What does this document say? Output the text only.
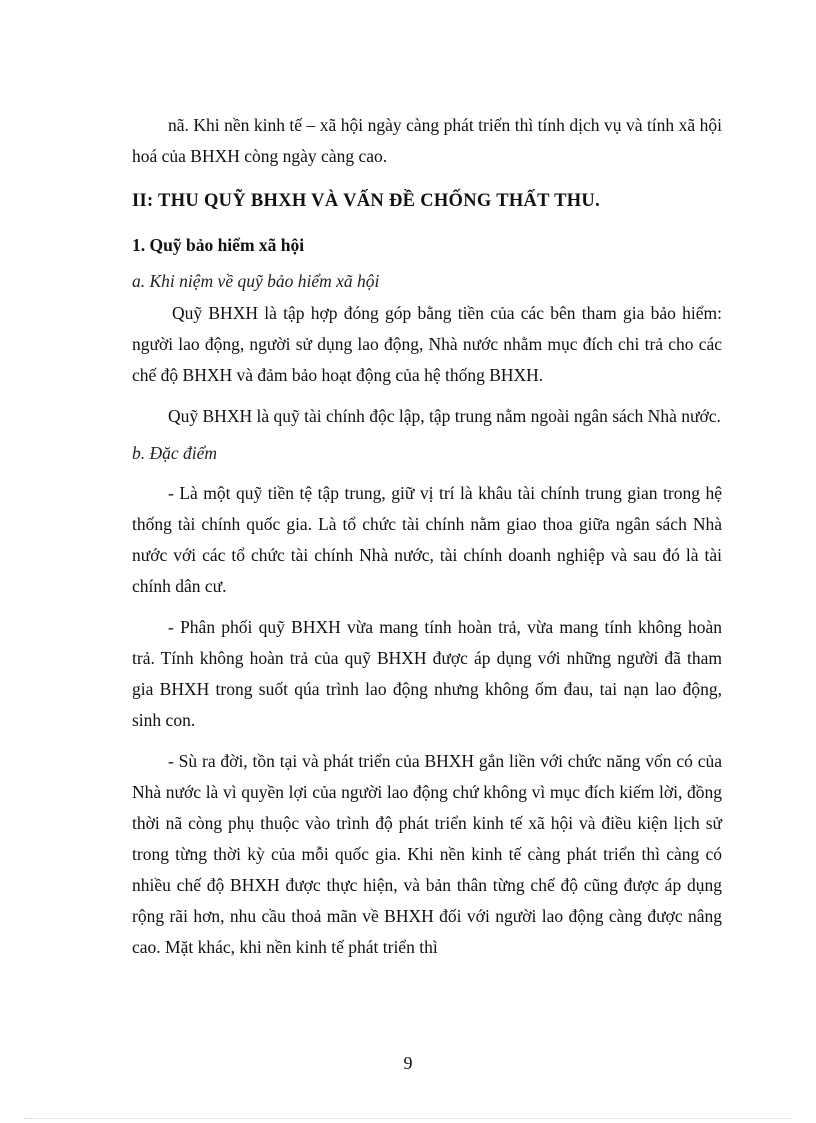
nã. Khi nền kinh tế – xã hội ngày càng phát triển thì tính dịch vụ và tính xã hội hoá của BHXH còng ngày càng cao.

II: THU QUỸ BHXH VÀ VẤN ĐỀ CHỐNG THẤT THU.
1. Quỹ bảo hiểm xã hội
a. Khi niệm về quỹ bảo hiểm xã hội

Quỹ BHXH là tập hợp đóng góp bằng tiền của các bên tham gia bảo hiểm: người lao động, người sử dụng lao động, Nhà nước nhằm mục đích chi trả cho các chế độ BHXH và đảm bảo hoạt động của hệ thống BHXH.

Quỹ BHXH là quỹ tài chính độc lập, tập trung nằm ngoài ngân sách Nhà nước.

b. Đặc điểm

- Là một quỹ tiền tệ tập trung, giữ vị trí là khâu tài chính trung gian trong hệ thống tài chính quốc gia. Là tổ chức tài chính nằm giao thoa giữa ngân sách Nhà nước với các tổ chức tài chính Nhà nước, tài chính doanh nghiệp và sau đó là tài chính dân cư.

- Phân phối quỹ BHXH vừa mang tính hoàn trả, vừa mang tính không hoàn trả. Tính không hoàn trả của quỹ BHXH được áp dụng với những người đã tham gia BHXH trong suốt qúa trình lao động nhưng không ốm đau, tai nạn lao động, sinh con.

- Sù ra đời, tồn tại và phát triển của BHXH gắn liền với chức năng vốn có của Nhà nước là vì quyền lợi của người lao động chứ không vì mục đích kiếm lời, đồng thời nã còng phụ thuộc vào trình độ phát triển kinh tế xã hội và điều kiện lịch sử trong từng thời kỳ của mỗi quốc gia. Khi nền kinh tế càng phát triển thì càng có nhiều chế độ BHXH được thực hiện, và bản thân từng chế độ cũng được áp dụng rộng rãi hơn, nhu cầu thoả mãn về BHXH đối với người lao động càng được nâng cao. Mặt khác, khi nền kinh tế phát triển thì

9
